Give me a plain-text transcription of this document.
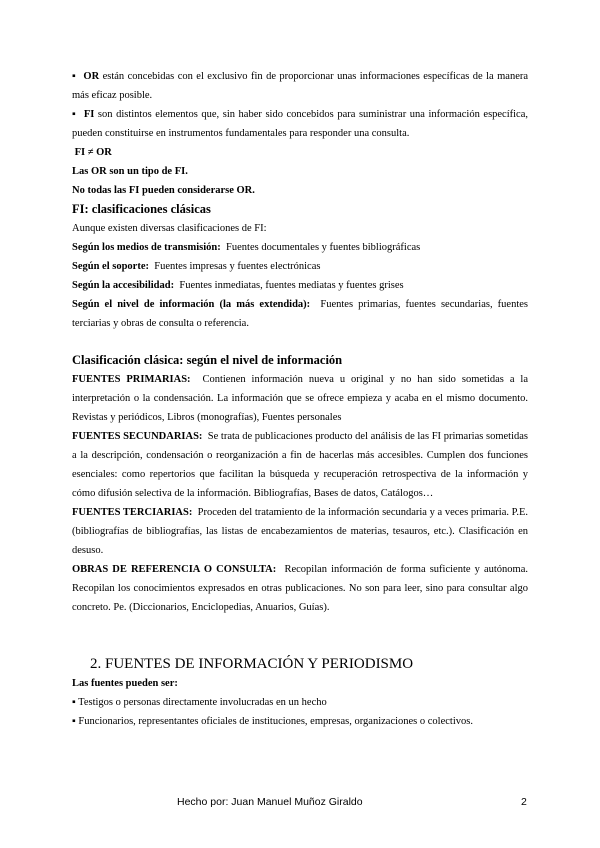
▪ OR están concebidas con el exclusivo fin de proporcionar unas informaciones específicas de la manera más eficaz posible.

▪ FI son distintos elementos que, sin haber sido concebidos para suministrar una información específica, pueden constituirse en instrumentos fundamentales para responder una consulta.

FI ≠ OR

Las OR son un tipo de FI.

No todas las FI pueden considerarse OR.

FI: clasificaciones clásicas

Aunque existen diversas clasificaciones de FI:

Según los medios de transmisión: Fuentes documentales y fuentes bibliográficas

Según el soporte: Fuentes impresas y fuentes electrónicas

Según la accesibilidad: Fuentes inmediatas, fuentes mediatas y fuentes grises

Según el nivel de información (la más extendida): Fuentes primarias, fuentes secundarias, fuentes terciarias y obras de consulta o referencia.

Clasificación clásica: según el nivel de información

FUENTES PRIMARIAS: Contienen información nueva u original y no han sido sometidas a la interpretación o la condensación. La información que se ofrece empieza y acaba en el mismo documento. Revistas y periódicos, Libros (monografías), Fuentes personales

FUENTES SECUNDARIAS: Se trata de publicaciones producto del análisis de las FI primarias sometidas a la descripción, condensación o reorganización a fin de hacerlas más accesibles. Cumplen dos funciones esenciales: como repertorios que facilitan la búsqueda y recuperación retrospectiva de la información y cómo difusión selectiva de la información. Bibliografías, Bases de datos, Catálogos…

FUENTES TERCIARIAS: Proceden del tratamiento de la información secundaria y a veces primaria. P.E. (bibliografías de bibliografías, las listas de encabezamientos de materias, tesauros, etc.). Clasificación en desuso.

OBRAS DE REFERENCIA O CONSULTA: Recopilan información de forma suficiente y autónoma. Recopilan los conocimientos expresados en otras publicaciones. No son para leer, sino para consultar algo concreto. Pe. (Diccionarios, Enciclopedias, Anuarios, Guías).

2. FUENTES DE INFORMACIÓN Y PERIODISMO

Las fuentes pueden ser:

▪ Testigos o personas directamente involucradas en un hecho

▪ Funcionarios, representantes oficiales de instituciones, empresas, organizaciones o colectivos.

Hecho por: Juan Manuel Muñoz Giraldo	2
